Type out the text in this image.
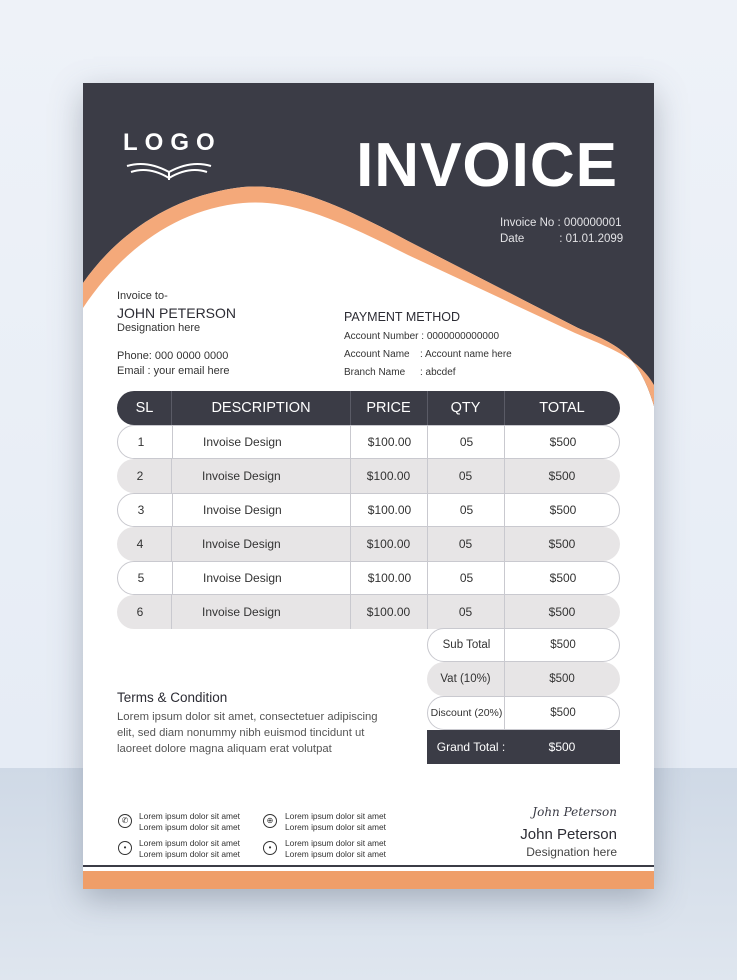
LOGO INVOICE
Invoice No : 000000001
Date	: 01.01.2099
Invoice to-
JOHN PETERSON
Designation here
Phone: 000 0000 0000
Email : your email here
PAYMENT METHOD
Account Number : 0000000000000
Account Name : Account name here
Branch Name : abcdef
SL	DESCRIPTION	PRICE	QTY	TOTAL
1	Invoise Design	$100.00	05	$500
2	Invoise Design	$100.00	05	$500
3	Invoise Design	$100.00	05	$500
4	Invoise Design	$100.00	05	$500
5	Invoise Design	$100.00	05	$500
6	Invoise Design	$100.00	05	$500
Sub Total	$500
Vat (10%)	$500
Discount (20%)	$500
Grand Total :	$500
Terms & Condition
Lorem ipsum dolor sit amet, consectetuer adipiscing
elit, sed diam nonummy nibh euismod tincidunt ut
laoreet dolore magna aliquam erat volutpat
✆	Lorem ipsum dolor sit amet
Lorem ipsum dolor sit amet
⊕	Lorem ipsum dolor sit amet
Lorem ipsum dolor sit amet
•	Lorem ipsum dolor sit amet
Lorem ipsum dolor sit amet
•	Lorem ipsum dolor sit amet
Lorem ipsum dolor sit amet
John Peterson
John Peterson
Designation here
